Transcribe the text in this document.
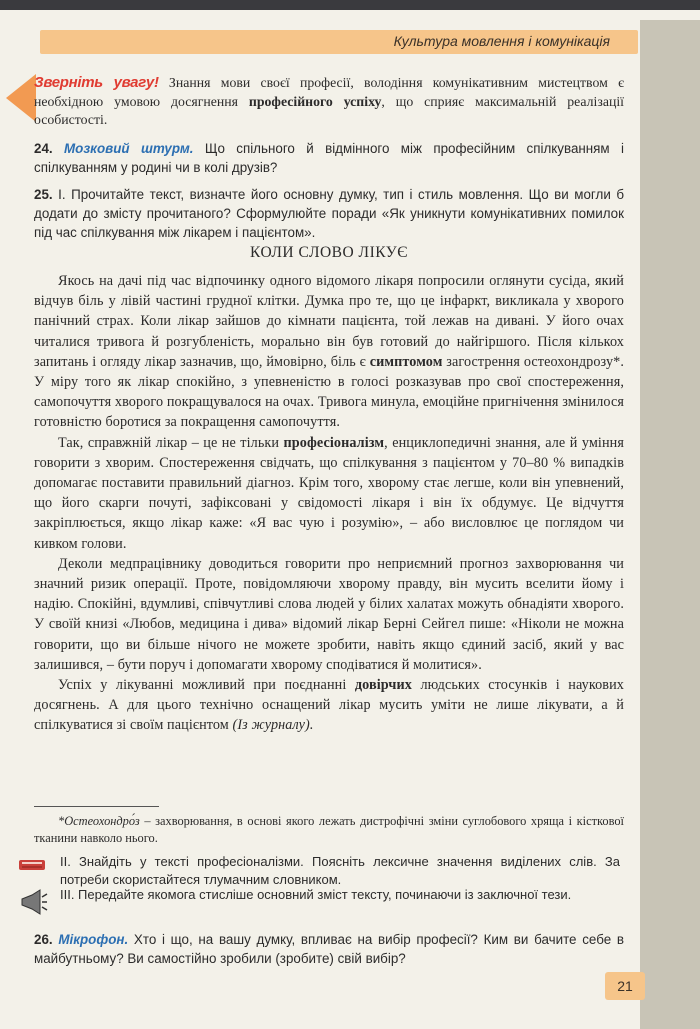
Культура мовлення і комунікація
Зверніть увагу! Знання мови своєї професії, володіння комунікативним мистецтвом є необхідною умовою досягнення професійного успіху, що сприяє максимальній реалізації особистості.
24. Мозковий штурм. Що спільного й відмінного між професійним спілкуванням і спілкуванням у родині чи в колі друзів?
25. І. Прочитайте текст, визначте його основну думку, тип і стиль мовлення. Що ви могли б додати до змісту прочитаного? Сформулюйте поради «Як уникнути комунікативних помилок під час спілкування між лікарем і пацієнтом».
КОЛИ СЛОВО ЛІКУЄ

Якось на дачі під час відпочинку одного відомого лікаря попросили оглянути сусіда, який відчув біль у лівій частині грудної клітки. Думка про те, що це інфаркт, викликала у хворого панічний страх. Коли лікар зайшов до кімнати пацієнта, той лежав на дивані. У його очах читалися тривога й розгубленість, морально він був готовий до найгіршого. Після кількох запитань і огляду лікар зазначив, що, ймовірно, біль є симптомом загострення остеохондрозу*. У міру того як лікар спокійно, з упевненістю в голосі розказував про свої спостереження, самопочуття хворого покращувалося на очах. Тривога минула, емоційне пригнічення змінилося готовністю боротися за покращення самопочуття.

Так, справжній лікар – це не тільки професіоналізм, енциклопедичні знання, але й уміння говорити з хворим. Спостереження свідчать, що спілкування з пацієнтом у 70–80 % випадків допомагає поставити правильний діагноз. Крім того, хворому стає легше, коли він упевнений, що його скарги почуті, зафіксовані у свідомості лікаря і він їх обдумує. Це відчуття закріплюється, якщо лікар каже: «Я вас чую і розумію», – або висловлює це поглядом чи кивком голови.

Деколи медпрацівнику доводиться говорити про неприємний прогноз захворювання чи значний ризик операції. Проте, повідомляючи хворому правду, він мусить вселити йому і надію. Спокійні, вдумливі, співчутливі слова людей у білих халатах можуть обнадіяти хворого. У своїй книзі «Любов, медицина і дива» відомий лікар Берні Сейгел пише: «Ніколи не можна говорити, що ви більше нічого не можете зробити, навіть якщо єдиний засіб, який у вас залишився, – бути поруч і допомагати хворому сподіватися й молитися».

Успіх у лікуванні можливий при поєднанні довірчих людських стосунків і наукових досягнень. А для цього технічно оснащений лікар мусить уміти не лише лікувати, а й спілкуватися зі своїм пацієнтом (Із журналу).

*Остеохондро́з – захворювання, в основі якого лежать дистрофічні зміни суглобового хряща і кісткової тканини навколо нього.

ІІ. Знайдіть у тексті професіоналізми. Поясніть лексичне значення виділених слів. За потреби скористайтеся тлумачним словником.
ІІІ. Передайте якомога стисліше основний зміст тексту, починаючи із заключної тези.
26. Мікрофон. Хто і що, на вашу думку, впливає на вибір професії? Ким ви бачите себе в майбутньому? Ви самостійно зробили (зробите) свій вибір?
21
